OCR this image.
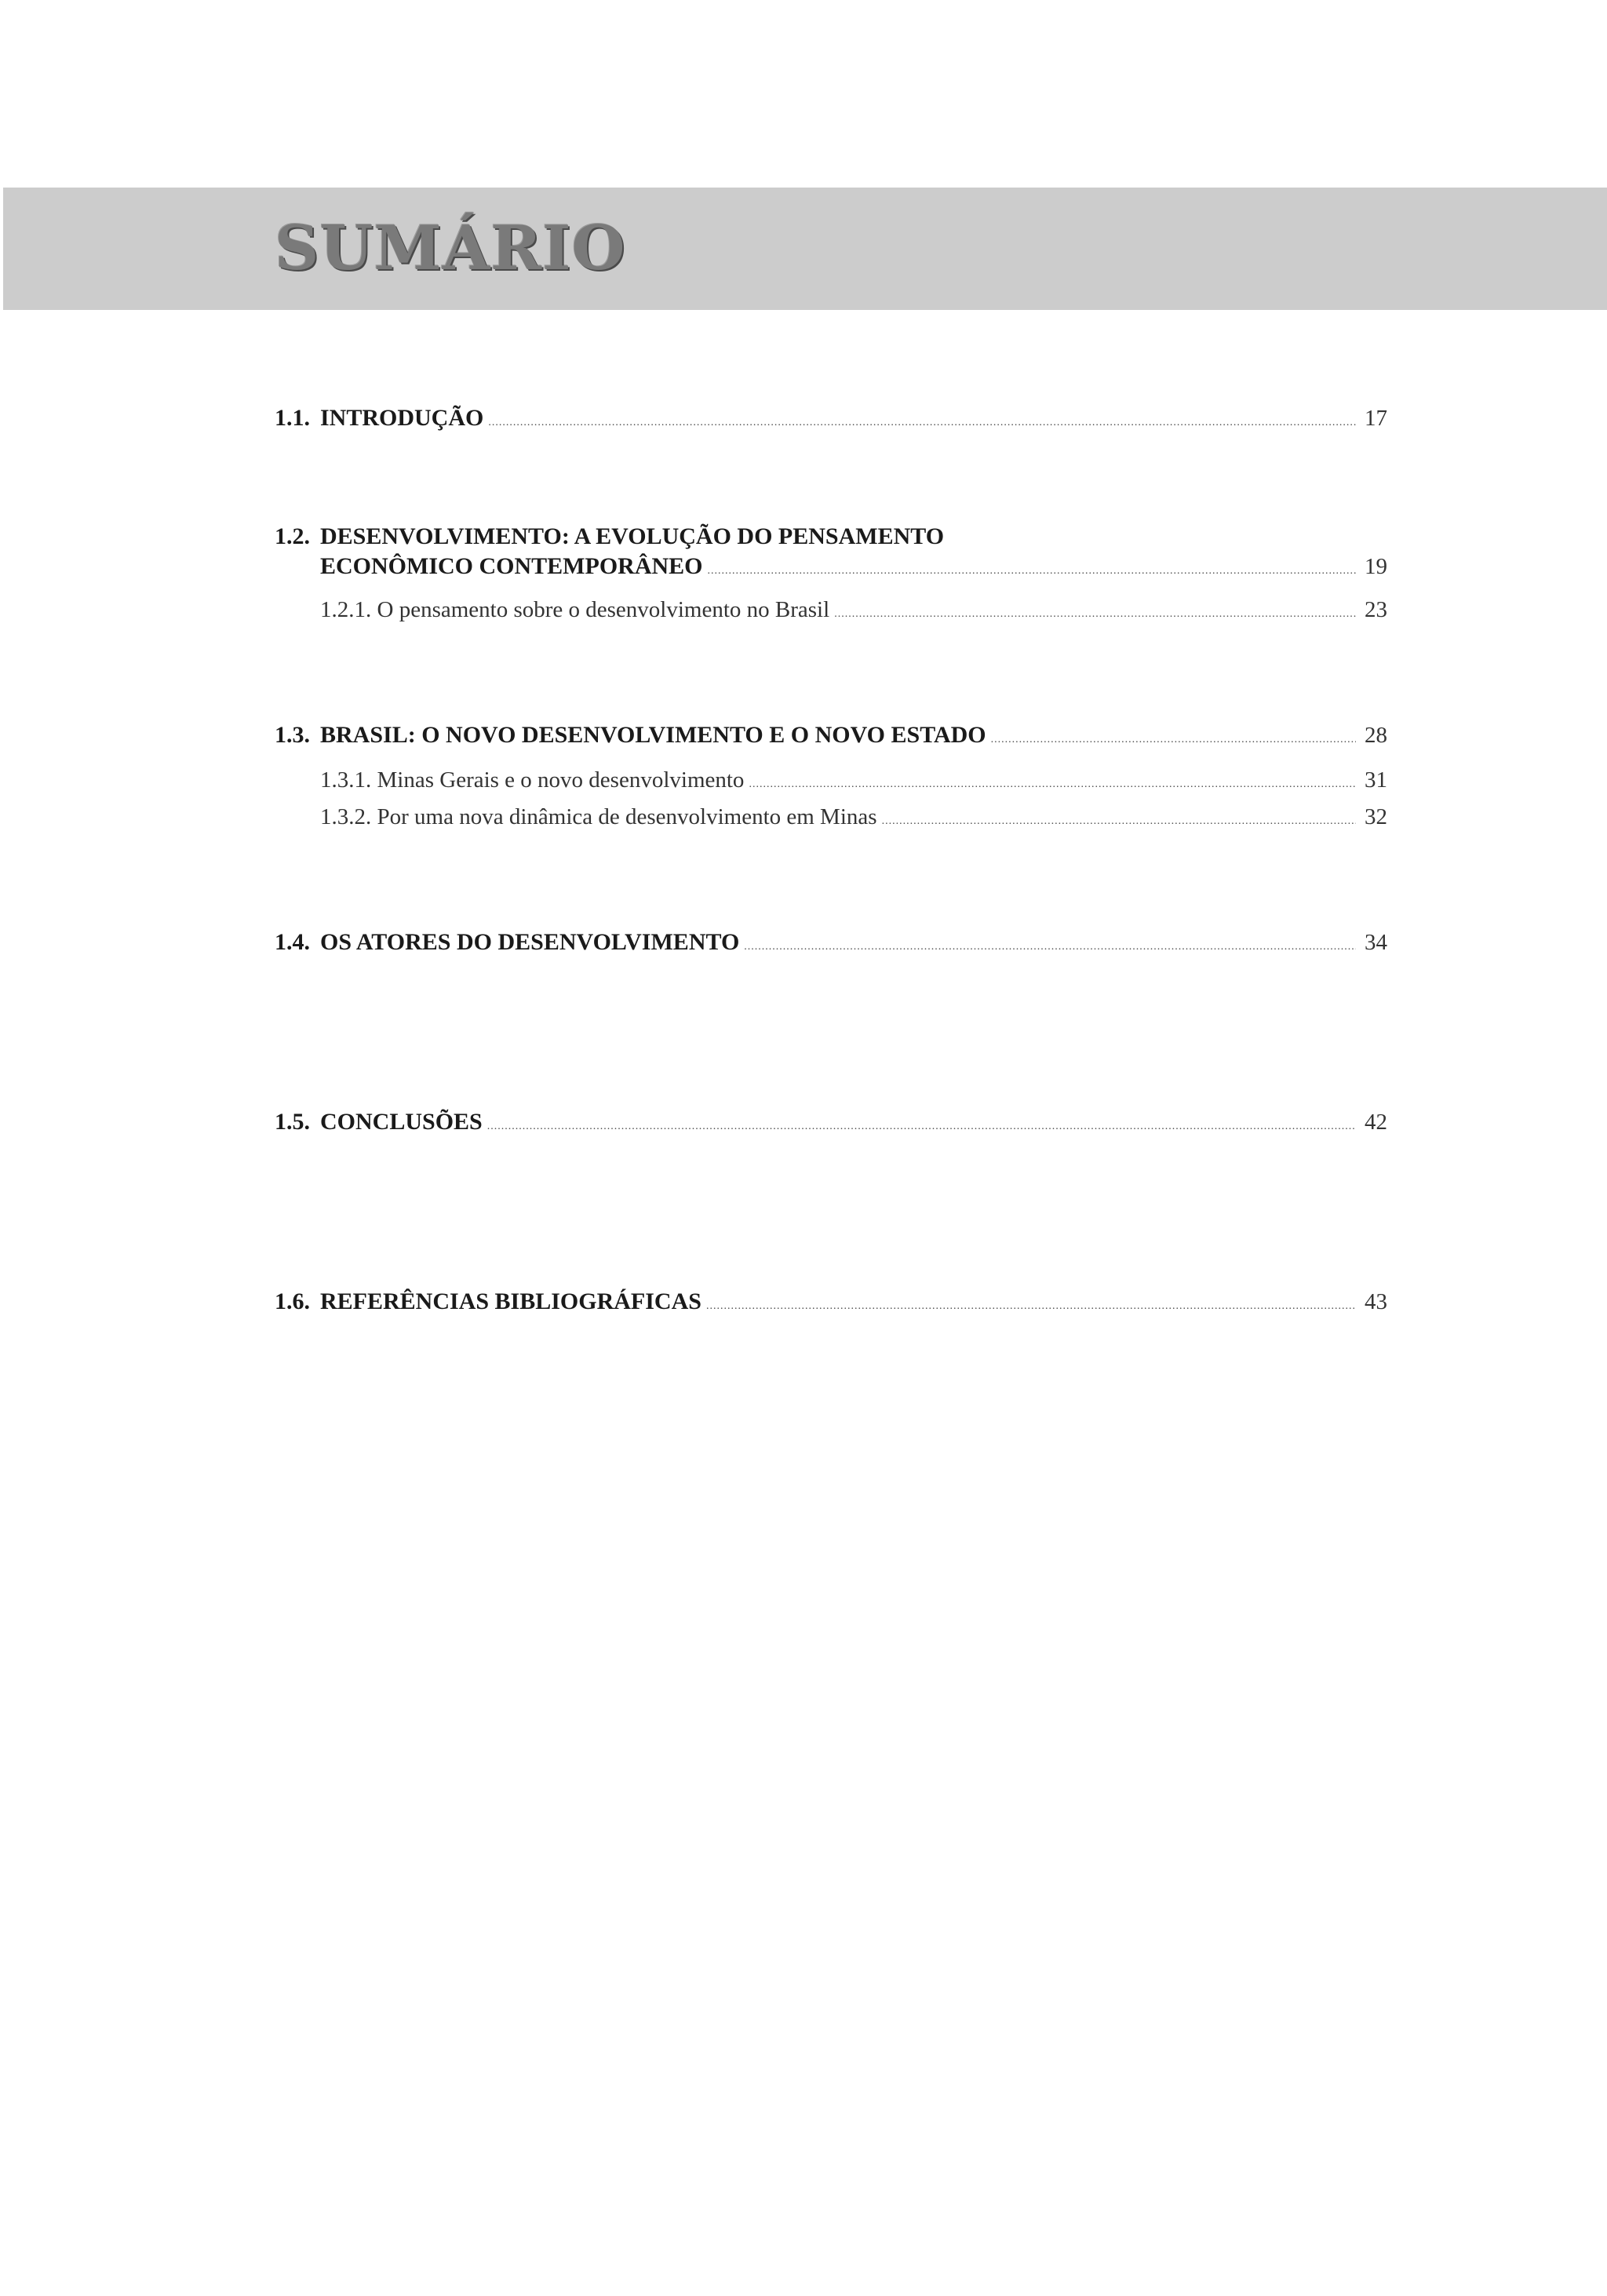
SUMÁRIO
1.1. INTRODUÇÃO .....	17
1.2. DESENVOLVIMENTO: A EVOLUÇÃO DO PENSAMENTO
ECONÔMICO CONTEMPORÂNEO .....	19
1.2.1. O pensamento sobre o desenvolvimento no Brasil .....	23
1.3. BRASIL: O NOVO DESENVOLVIMENTO E O NOVO ESTADO .....	28
1.3.1. Minas Gerais e o novo desenvolvimento .....	31
1.3.2. Por uma nova dinâmica de desenvolvimento em Minas .....	32
1.4. OS ATORES DO DESENVOLVIMENTO .....	34
1.5. CONCLUSÕES .....	42
1.6. REFERÊNCIAS BIBLIOGRÁFICAS .....	43
